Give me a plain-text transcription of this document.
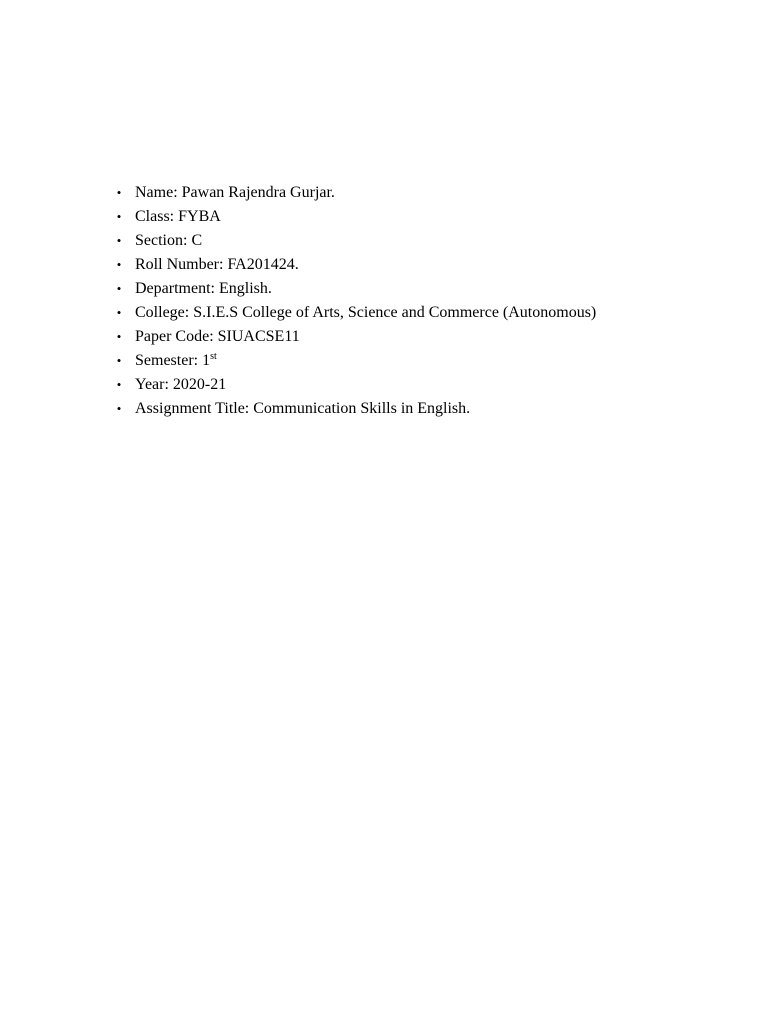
• Name: Pawan Rajendra Gurjar.
• Class: FYBA
• Section: C
• Roll Number: FA201424.
• Department: English.
• College: S.I.E.S College of Arts, Science and Commerce (Autonomous)
• Paper Code: SIUACSE11
• Semester: 1st
• Year: 2020-21
• Assignment Title: Communication Skills in English.
